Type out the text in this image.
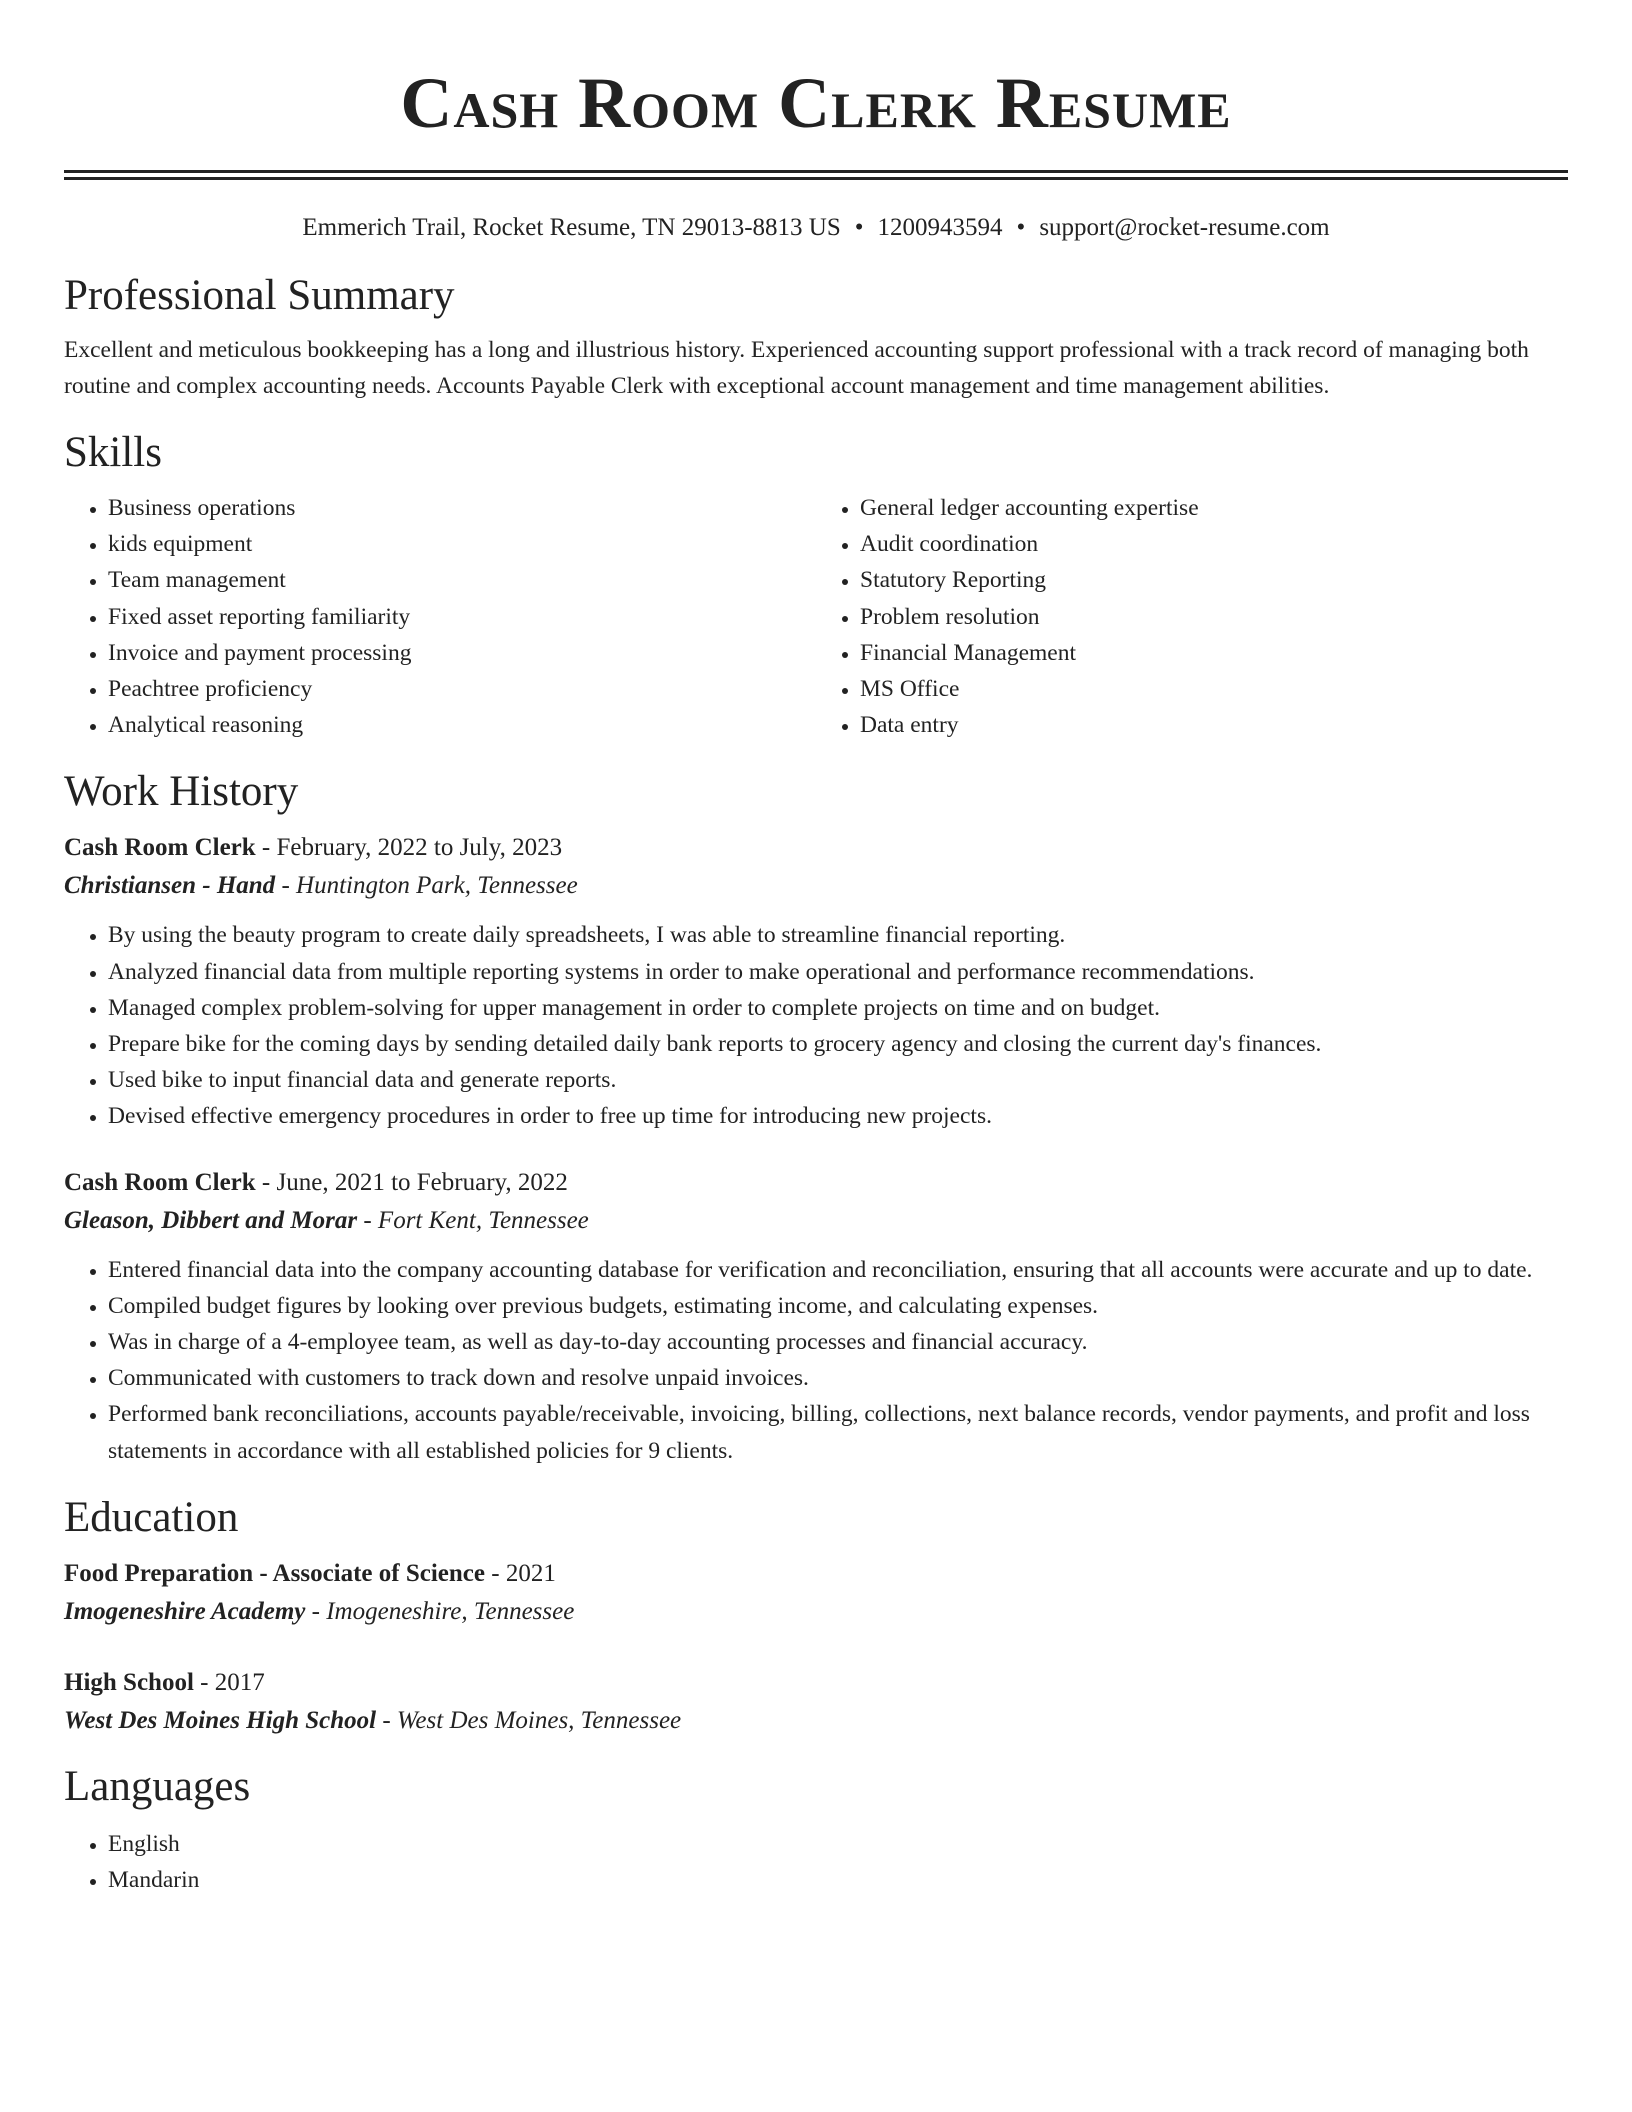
Cash Room Clerk Resume
Emmerich Trail, Rocket Resume, TN 29013-8813 US • 1200943594 • support@rocket-resume.com
Professional Summary

Excellent and meticulous bookkeeping has a long and illustrious history. Experienced accounting support professional with a track record of managing both routine and complex accounting needs. Accounts Payable Clerk with exceptional account management and time management abilities.

Skills
• Business operations
• kids equipment
• Team management
• Fixed asset reporting familiarity
• Invoice and payment processing
• Peachtree proficiency
• Analytical reasoning
• General ledger accounting expertise
• Audit coordination
• Statutory Reporting
• Problem resolution
• Financial Management
• MS Office
• Data entry
Work History
Cash Room Clerk - February, 2022 to July, 2023
Christiansen - Hand - Huntington Park, Tennessee
• By using the beauty program to create daily spreadsheets, I was able to streamline financial reporting.
• Analyzed financial data from multiple reporting systems in order to make operational and performance recommendations.
• Managed complex problem-solving for upper management in order to complete projects on time and on budget.
• Prepare bike for the coming days by sending detailed daily bank reports to grocery agency and closing the current day's finances.
• Used bike to input financial data and generate reports.
• Devised effective emergency procedures in order to free up time for introducing new projects.
Cash Room Clerk - June, 2021 to February, 2022
Gleason, Dibbert and Morar - Fort Kent, Tennessee
• Entered financial data into the company accounting database for verification and reconciliation, ensuring that all accounts were accurate and up to date.
• Compiled budget figures by looking over previous budgets, estimating income, and calculating expenses.
• Was in charge of a 4-employee team, as well as day-to-day accounting processes and financial accuracy.
• Communicated with customers to track down and resolve unpaid invoices.
• Performed bank reconciliations, accounts payable/receivable, invoicing, billing, collections, next balance records, vendor payments, and profit and loss statements in accordance with all established policies for 9 clients.
Education
Food Preparation - Associate of Science - 2021
Imogeneshire Academy - Imogeneshire, Tennessee
High School - 2017
West Des Moines High School - West Des Moines, Tennessee
Languages
• English
• Mandarin
